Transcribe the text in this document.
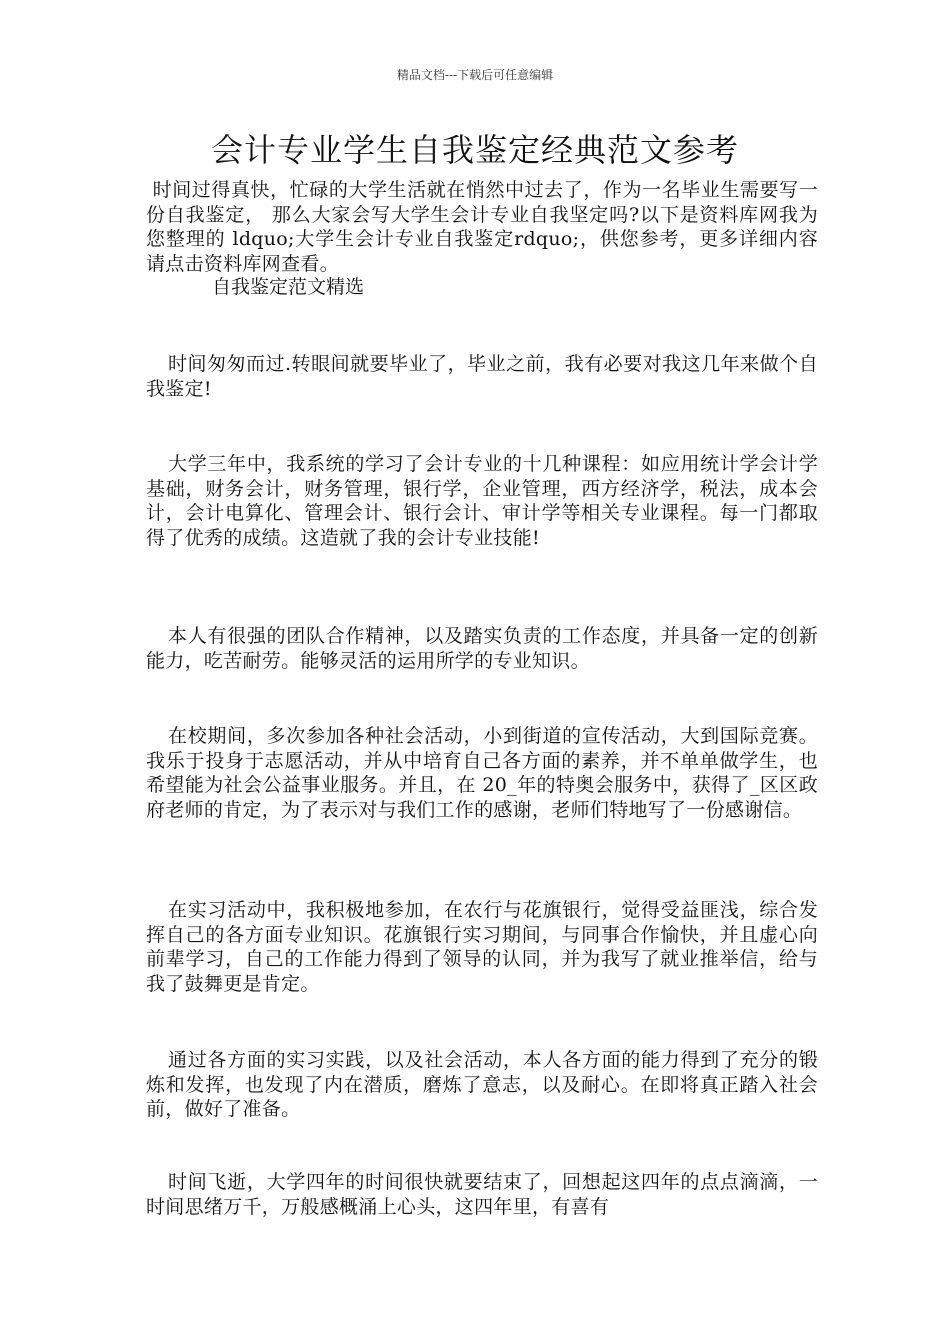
精品文档---下载后可任意编辑
会计专业学生自我鉴定经典范文参考
时间过得真快，忙碌的大学生活就在悄然中过去了，作为一名毕业生需要写一份自我鉴定， 那么大家会写大学生会计专业自我坚定吗?以下是资料库网我为您整理的 ldquo;大学生会计专业自我鉴定rdquo;，供您参考，更多详细内容请点击资料库网查看。
自我鉴定范文精选
时间匆匆而过.转眼间就要毕业了，毕业之前，我有必要对我这几年来做个自我鉴定!
大学三年中，我系统的学习了会计专业的十几种课程：如应用统计学会计学基础，财务会计，财务管理，银行学，企业管理，西方经济学，税法，成本会计，会计电算化、管理会计、银行会计、审计学等相关专业课程。每一门都取得了优秀的成绩。这造就了我的会计专业技能!
本人有很强的团队合作精神，以及踏实负责的工作态度，并具备一定的创新能力，吃苦耐劳。能够灵活的运用所学的专业知识。
在校期间，多次参加各种社会活动，小到街道的宣传活动，大到国际竞赛。我乐于投身于志愿活动，并从中培育自己各方面的素养，并不单单做学生，也希望能为社会公益事业服务。并且，在 20_年的特奥会服务中，获得了_区区政府老师的肯定，为了表示对与我们工作的感谢，老师们特地写了一份感谢信。
在实习活动中，我积极地参加，在农行与花旗银行，觉得受益匪浅，综合发挥自己的各方面专业知识。花旗银行实习期间，与同事合作愉快，并且虚心向前辈学习，自己的工作能力得到了领导的认同，并为我写了就业推举信，给与我了鼓舞更是肯定。
通过各方面的实习实践，以及社会活动，本人各方面的能力得到了充分的锻炼和发挥，也发现了内在潜质，磨炼了意志，以及耐心。在即将真正踏入社会前，做好了准备。
时间飞逝，大学四年的时间很快就要结束了，回想起这四年的点点滴滴，一时间思绪万千，万般感概涌上心头，这四年里，有喜有
